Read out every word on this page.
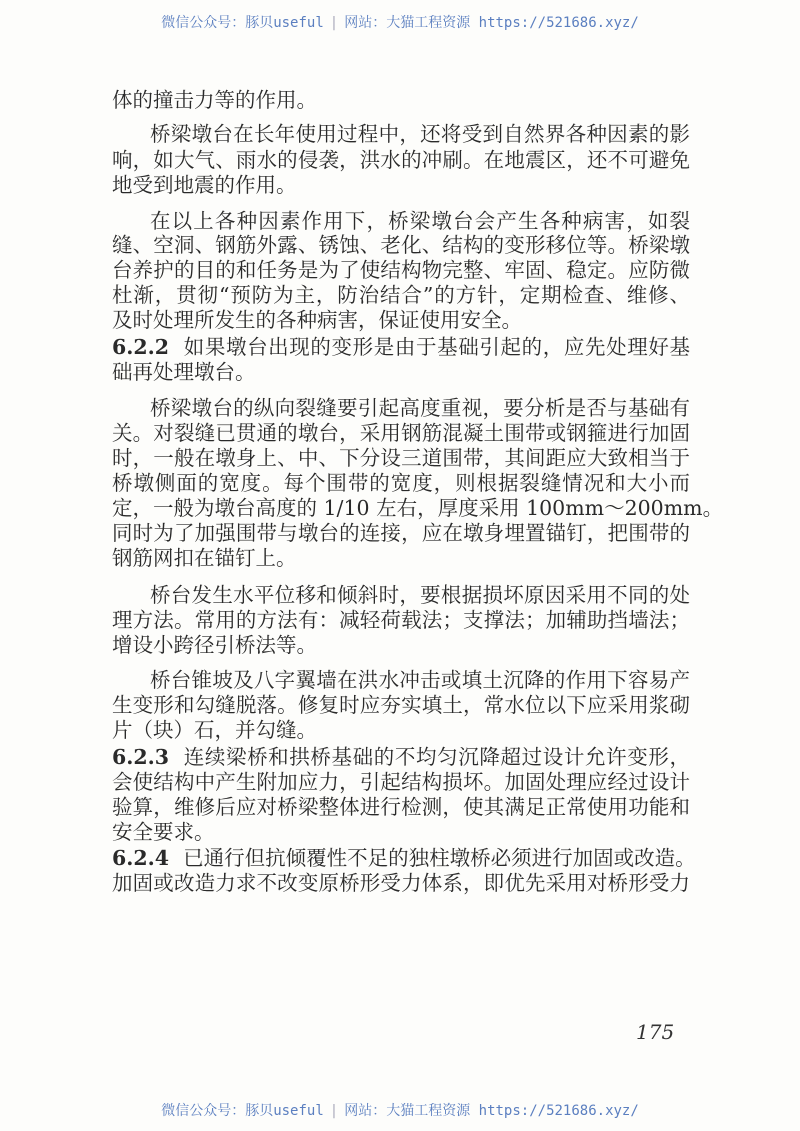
微信公众号：豚贝useful | 网站：大猫工程资源 https://521686.xyz/
体的撞击力等的作用。
桥梁墩台在长年使用过程中，还将受到自然界各种因素的影
响，如大气、雨水的侵袭，洪水的冲刷。在地震区，还不可避免
地受到地震的作用。
在以上各种因素作用下，桥梁墩台会产生各种病害，如裂
缝、空洞、钢筋外露、锈蚀、老化、结构的变形移位等。桥梁墩
台养护的目的和任务是为了使结构物完整、牢固、稳定。应防微
杜渐，贯彻“预防为主，防治结合”的方针，定期检查、维修、
及时处理所发生的各种病害，保证使用安全。
6.2.2 如果墩台出现的变形是由于基础引起的，应先处理好基
础再处理墩台。
桥梁墩台的纵向裂缝要引起高度重视，要分析是否与基础有
关。对裂缝已贯通的墩台，采用钢筋混凝土围带或钢箍进行加固
时，一般在墩身上、中、下分设三道围带，其间距应大致相当于
桥墩侧面的宽度。每个围带的宽度，则根据裂缝情况和大小而
定，一般为墩台高度的 1/10 左右，厚度采用 100mm～200mm。
同时为了加强围带与墩台的连接，应在墩身埋置锚钉，把围带的
钢筋网扣在锚钉上。
桥台发生水平位移和倾斜时，要根据损坏原因采用不同的处
理方法。常用的方法有：减轻荷载法；支撑法；加辅助挡墙法；
增设小跨径引桥法等。
桥台锥坡及八字翼墙在洪水冲击或填土沉降的作用下容易产
生变形和勾缝脱落。修复时应夯实填土，常水位以下应采用浆砌
片（块）石，并勾缝。
6.2.3 连续梁桥和拱桥基础的不均匀沉降超过设计允许变形，
会使结构中产生附加应力，引起结构损坏。加固处理应经过设计
验算，维修后应对桥梁整体进行检测，使其满足正常使用功能和
安全要求。
6.2.4 已通行但抗倾覆性不足的独柱墩桥必须进行加固或改造。
加固或改造力求不改变原桥形受力体系，即优先采用对桥形受力
175
微信公众号：豚贝useful | 网站：大猫工程资源 https://521686.xyz/
